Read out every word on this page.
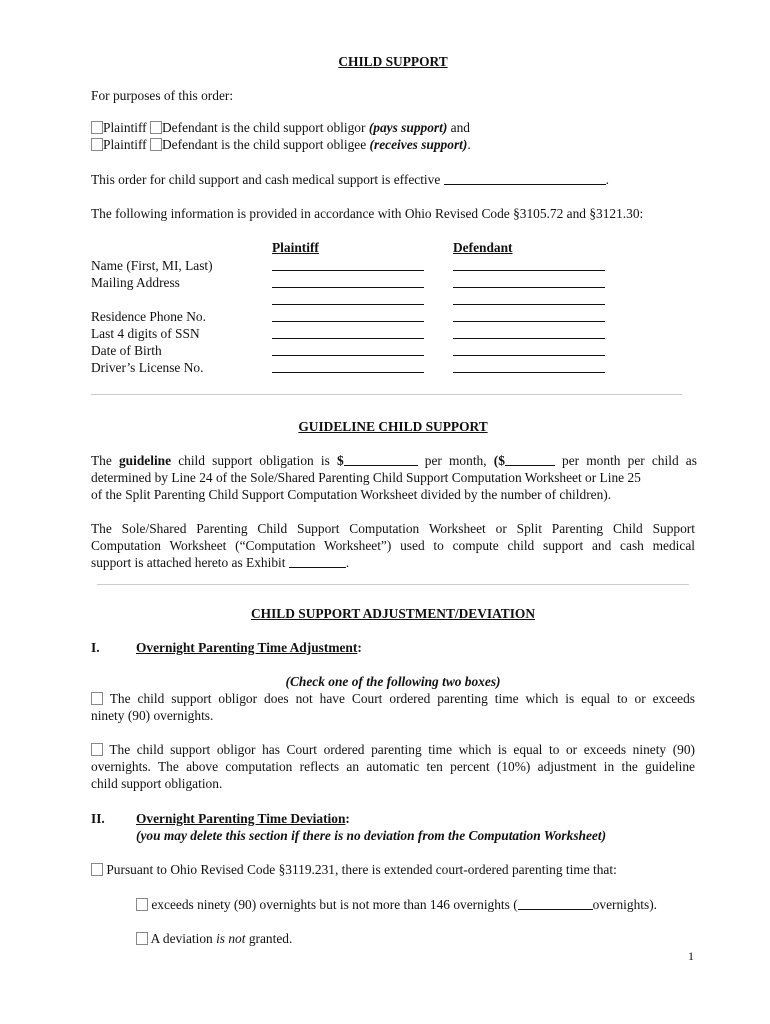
CHILD SUPPORT
For purposes of this order:
Plaintiff Defendant is the child support obligor (pays support) and
Plaintiff Defendant is the child support obligee (receives support).
This order for child support and cash medical support is effective	.
The following information is provided in accordance with Ohio Revised Code §3105.72 and §3121.30:
Plaintiff	Defendant
Name (First, MI, Last)
Mailing Address
Residence Phone No.
Last 4 digits of SSN
Date of Birth
Driver’s License No.
GUIDELINE CHILD SUPPORT
The guideline child support obligation is $	per month, ($	per month per child as
determined by Line 24 of the Sole/Shared Parenting Child Support Computation Worksheet or Line 25
of the Split Parenting Child Support Computation Worksheet divided by the number of children).
The Sole/Shared Parenting Child Support Computation Worksheet or Split Parenting Child Support
Computation Worksheet (“Computation Worksheet”) used to compute child support and cash medical
support is attached hereto as Exhibit	.
CHILD SUPPORT ADJUSTMENT/DEVIATION
I.	Overnight Parenting Time Adjustment:
(Check one of the following two boxes)
The child support obligor does not have Court ordered parenting time which is equal to or exceeds
ninety (90) overnights.
The child support obligor has Court ordered parenting time which is equal to or exceeds ninety (90)
overnights. The above computation reflects an automatic ten percent (10%) adjustment in the guideline
child support obligation.
II. Overnight Parenting Time Deviation:
(you may delete this section if there is no deviation from the Computation Worksheet)
Pursuant to Ohio Revised Code §3119.231, there is extended court-ordered parenting time that:
exceeds ninety (90) overnights but is not more than 146 overnights (	overnights).
A deviation is not granted.
1
